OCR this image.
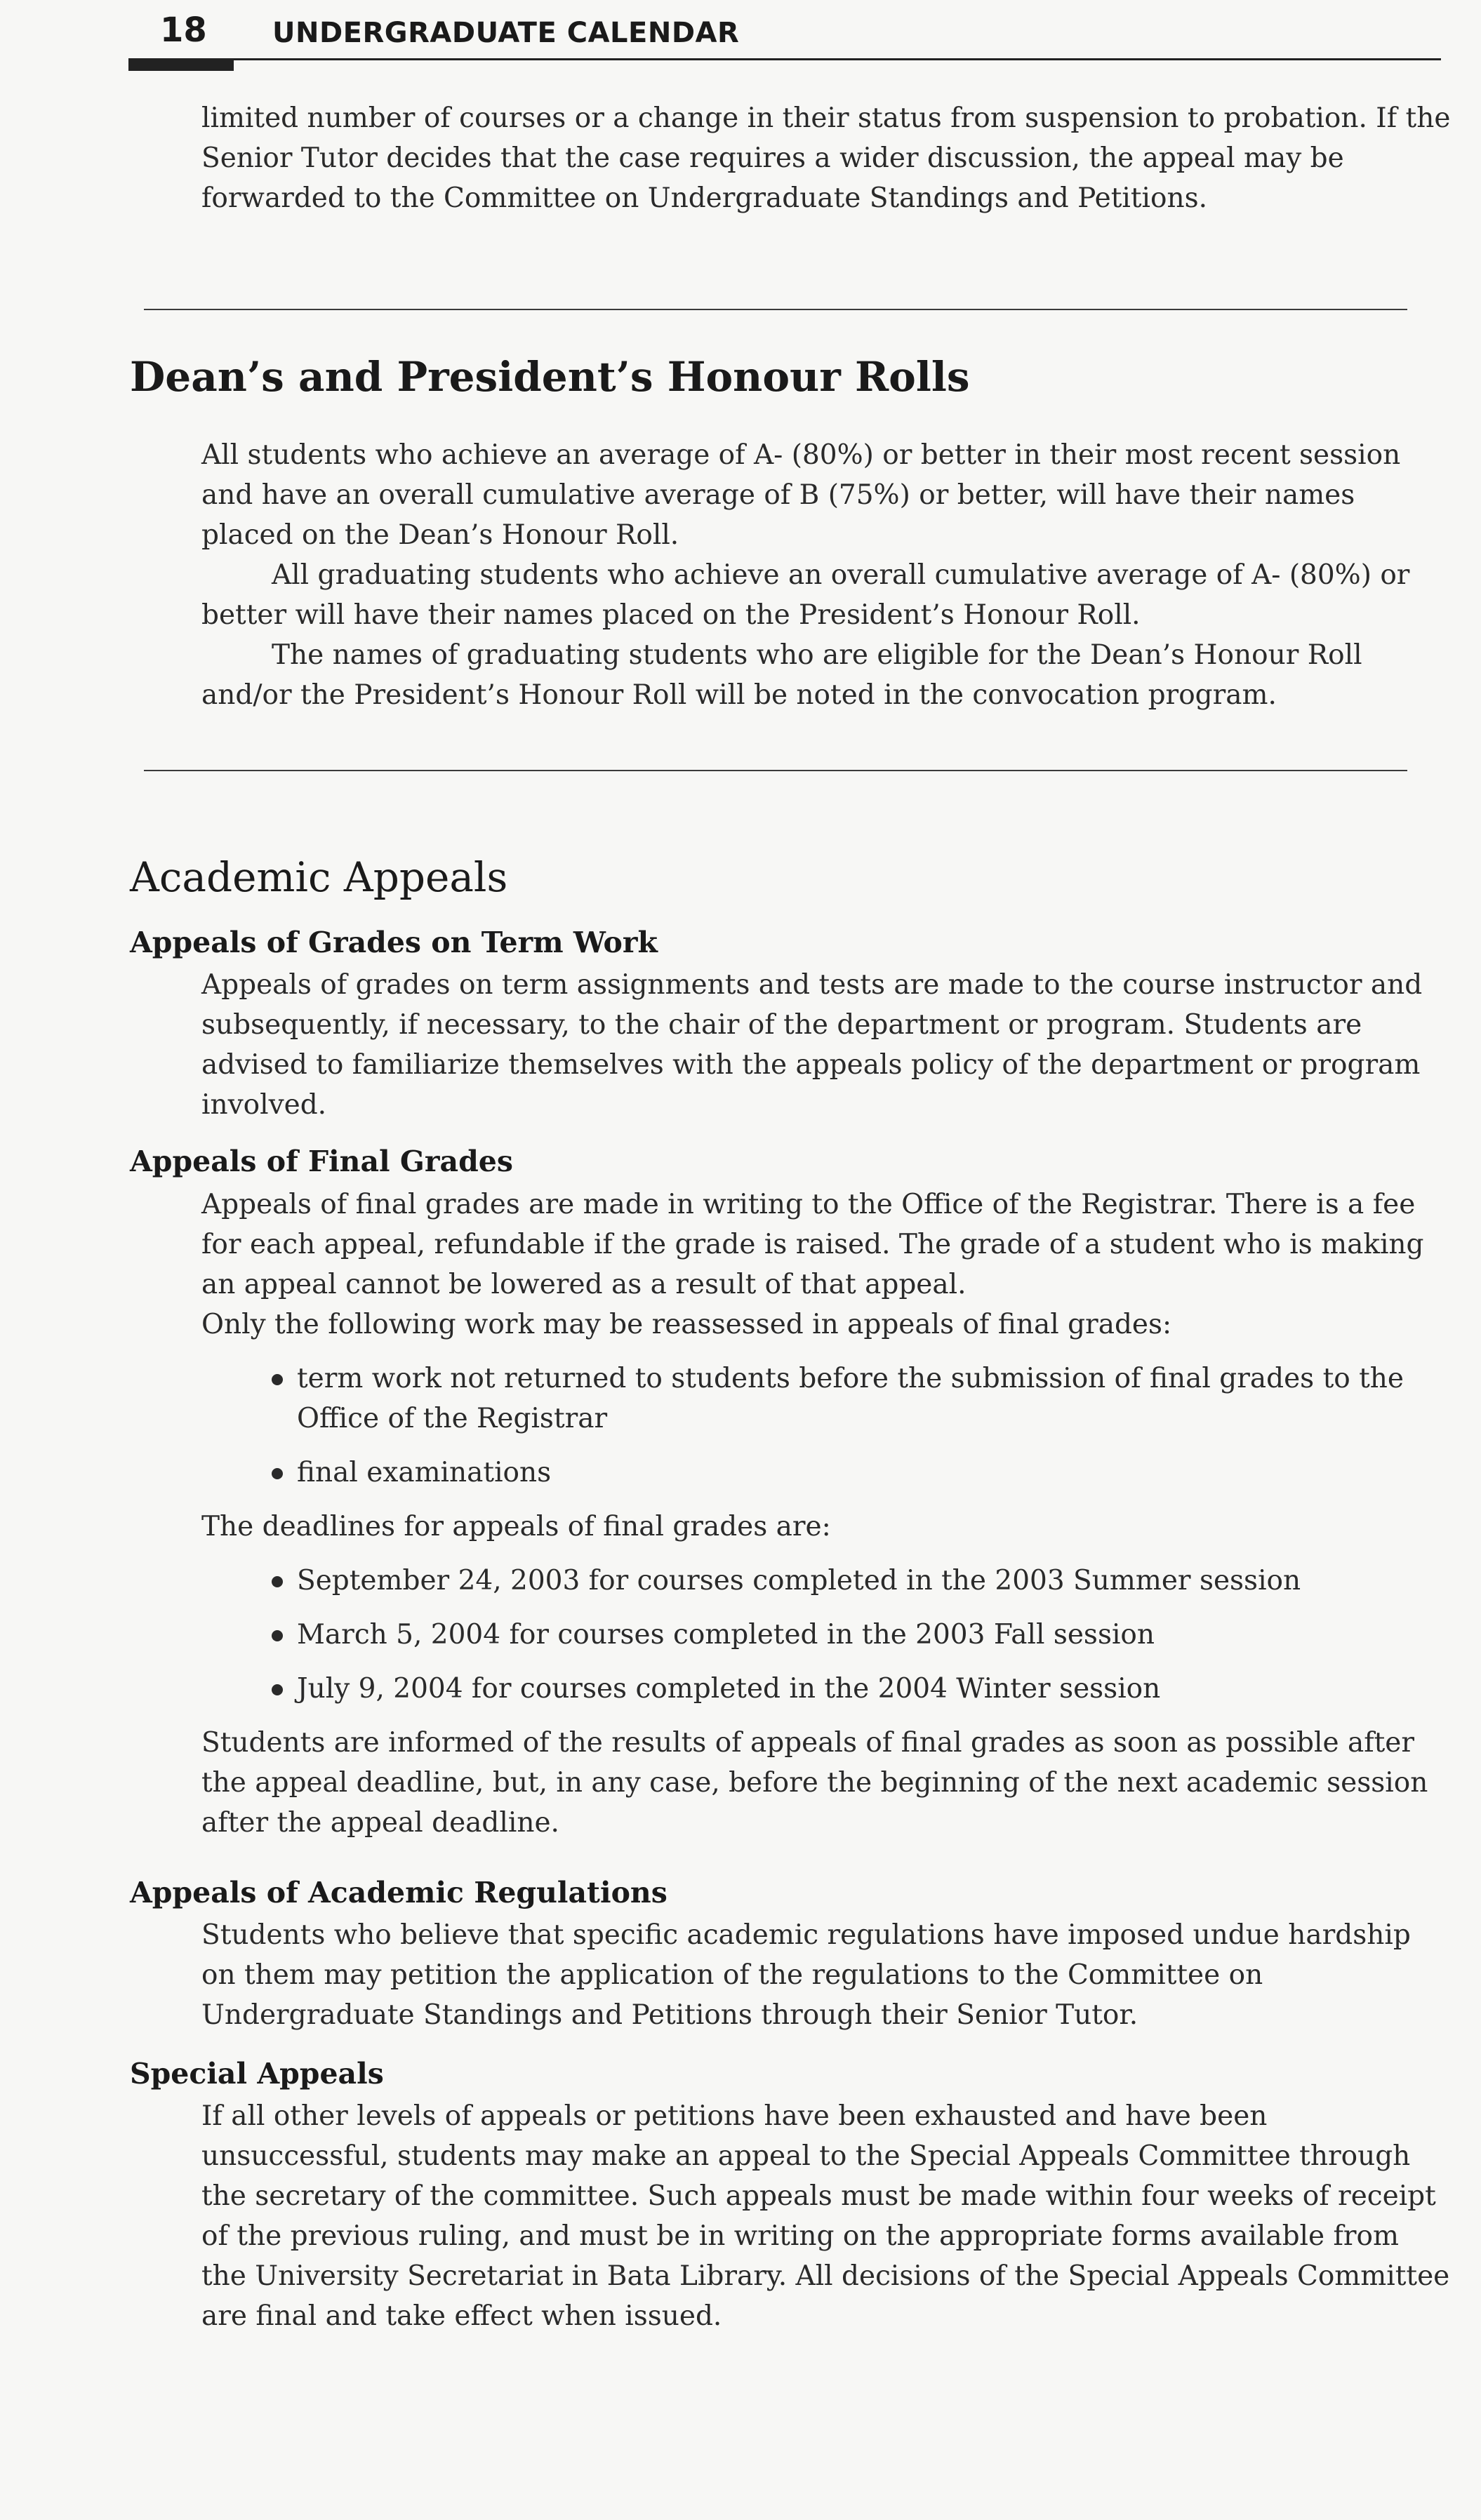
18 UNDERGRADUATE CALENDAR

limited number of courses or a change in their status from suspension to probation. If the Senior Tutor decides that the case requires a wider discussion, the appeal may be forwarded to the Committee on Undergraduate Standings and Petitions.

Dean’s and President’s Honour Rolls

All students who achieve an average of A- (80%) or better in their most recent session and have an overall cumulative average of B (75%) or better, will have their names placed on the Dean’s Honour Roll.

All graduating students who achieve an overall cumulative average of A- (80%) or better will have their names placed on the President’s Honour Roll.

The names of graduating students who are eligible for the Dean’s Honour Roll and/or the President’s Honour Roll will be noted in the convocation program.

Academic Appeals
Appeals of Grades on Term Work

Appeals of grades on term assignments and tests are made to the course instructor and subsequently, if necessary, to the chair of the department or program. Students are advised to familiarize themselves with the appeals policy of the department or program involved.

Appeals of Final Grades

Appeals of final grades are made in writing to the Office of the Registrar. There is a fee for each appeal, refundable if the grade is raised. The grade of a student who is making an appeal cannot be lowered as a result of that appeal.

Only the following work may be reassessed in appeals of final grades:

term work not returned to students before the submission of final grades to the Office of the Registrar
final examinations

The deadlines for appeals of final grades are:

September 24, 2003 for courses completed in the 2003 Summer session
March 5, 2004 for courses completed in the 2003 Fall session
July 9, 2004 for courses completed in the 2004 Winter session

Students are informed of the results of appeals of final grades as soon as possible after the appeal deadline, but, in any case, before the beginning of the next academic session after the appeal deadline.

Appeals of Academic Regulations

Students who believe that specific academic regulations have imposed undue hardship on them may petition the application of the regulations to the Committee on Undergraduate Standings and Petitions through their Senior Tutor.

Special Appeals

If all other levels of appeals or petitions have been exhausted and have been unsuccessful, students may make an appeal to the Special Appeals Committee through the secretary of the committee. Such appeals must be made within four weeks of receipt of the previous ruling, and must be in writing on the appropriate forms available from the University Secretariat in Bata Library. All decisions of the Special Appeals Committee are final and take effect when issued.
